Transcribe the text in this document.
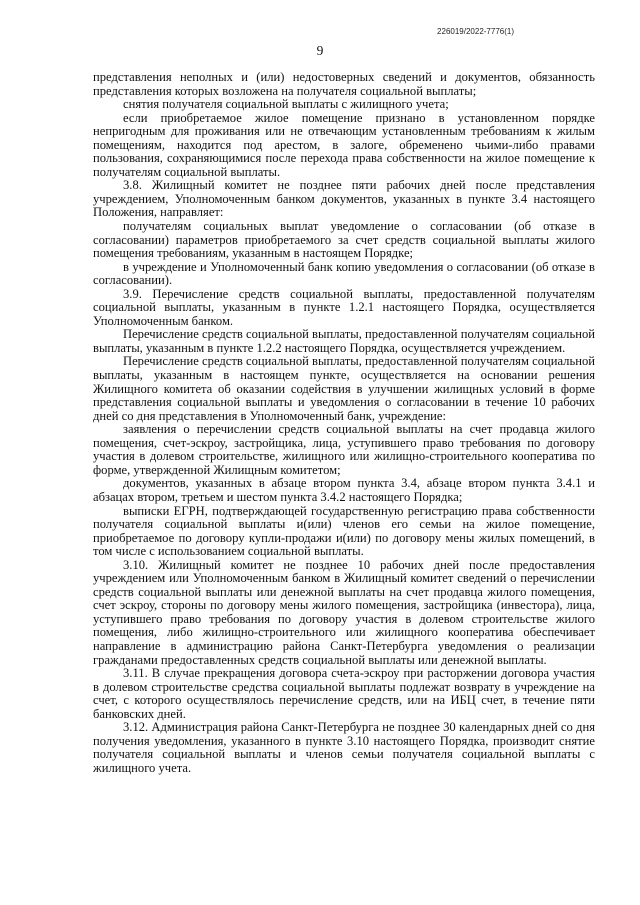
226019/2022-7776(1)
9

представления неполных и (или) недостоверных сведений и документов, обязанность представления которых возложена на получателя социальной выплаты;

снятия получателя социальной выплаты с жилищного учета;

если приобретаемое жилое помещение признано в установленном порядке непригодным для проживания или не отвечающим установленным требованиям к жилым помещениям, находится под арестом, в залоге, обременено чьими-либо правами пользования, сохраняющимися после перехода права собственности на жилое помещение к получателям социальной выплаты.

3.8. Жилищный комитет не позднее пяти рабочих дней после представления учреждением, Уполномоченным банком документов, указанных в пункте 3.4 настоящего Положения, направляет:

получателям социальных выплат уведомление о согласовании (об отказе в согласовании) параметров приобретаемого за счет средств социальной выплаты жилого помещения требованиям, указанным в настоящем Порядке;

в учреждение и Уполномоченный банк копию уведомления о согласовании (об отказе в согласовании).

3.9. Перечисление средств социальной выплаты, предоставленной получателям социальной выплаты, указанным в пункте 1.2.1 настоящего Порядка, осуществляется Уполномоченным банком.

Перечисление средств социальной выплаты, предоставленной получателям социальной выплаты, указанным в пункте 1.2.2 настоящего Порядка, осуществляется учреждением.

Перечисление средств социальной выплаты, предоставленной получателям социальной выплаты, указанным в настоящем пункте, осуществляется на основании решения Жилищного комитета об оказании содействия в улучшении жилищных условий в форме представления социальной выплаты и уведомления о согласовании в течение 10 рабочих дней со дня представления в Уполномоченный банк, учреждение:

заявления о перечислении средств социальной выплаты на счет продавца жилого помещения, счет-эскроу, застройщика, лица, уступившего право требования по договору участия в долевом строительстве, жилищного или жилищно-строительного кооператива по форме, утвержденной Жилищным комитетом;

документов, указанных в абзаце втором пункта 3.4, абзаце втором пункта 3.4.1 и абзацах втором, третьем и шестом пункта 3.4.2 настоящего Порядка;

выписки ЕГРН, подтверждающей государственную регистрацию права собственности получателя социальной выплаты и(или) членов его семьи на жилое помещение, приобретаемое по договору купли-продажи и(или) по договору мены жилых помещений, в том числе с использованием социальной выплаты.

3.10. Жилищный комитет не позднее 10 рабочих дней после предоставления учреждением или Уполномоченным банком в Жилищный комитет сведений о перечислении средств социальной выплаты или денежной выплаты на счет продавца жилого помещения, счет эскроу, стороны по договору мены жилого помещения, застройщика (инвестора), лица, уступившего право требования по договору участия в долевом строительстве жилого помещения, либо жилищно-строительного или жилищного кооператива обеспечивает направление в администрацию района Санкт-Петербурга уведомления о реализации гражданами предоставленных средств социальной выплаты или денежной выплаты.

3.11. В случае прекращения договора счета-эскроу при расторжении договора участия в долевом строительстве средства социальной выплаты подлежат возврату в учреждение на счет, с которого осуществлялось перечисление средств, или на ИБЦ счет, в течение пяти банковских дней.

3.12. Администрация района Санкт-Петербурга не позднее 30 календарных дней со дня получения уведомления, указанного в пункте 3.10 настоящего Порядка, производит снятие получателя социальной выплаты и членов семьи получателя социальной выплаты с жилищного учета.
